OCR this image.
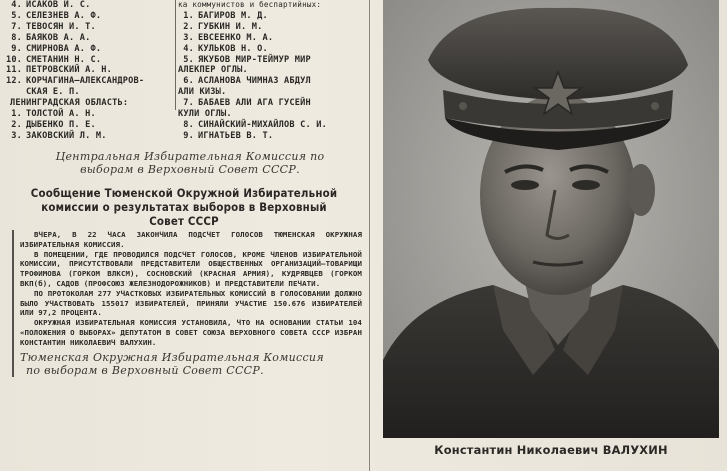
4. ИСАКОВ И. С.
5. СЕЛЕЗНЕВ А. Ф.
7. ТЕВОСЯН И. Т.
8. БАЯКОВ А. А.
9. СМИРНОВА А. Ф.
10. СМЕТАНИН Н. С.
11. ПЕТРОВСКИЙ А. Н.
12. КОРЧАГИНА—АЛЕКСАНДРОВ-
СКАЯ Е. П.
ЛЕНИНГРАДСКАЯ ОБЛАСТЬ:
1. ТОЛСТОЙ А. Н.
2. ДЫБЕНКО П. Е.
3. ЗАКОВСКИЙ Л. М.
ка коммунистов и беспартийных:
1. БАГИРОВ М. Д.
2. ГУБКИН И. М.
3. ЕВСЕЕНКО М. А.
4. КУЛЬКОВ Н. О.
5. ЯКУБОВ МИР-ТЕЙМУР МИР
АЛЕКПЕР ОГЛЫ.
6. АСЛАНОВА ЧИМНАЗ АБДУЛ
АЛИ КИЗЫ.
7. БАБАЕВ АЛИ АГА ГУСЕЙН
КУЛИ ОГЛЫ.
8. СИНАЙСКИЙ-МИХАЙЛОВ С. И.
9. ИГНАТЬЕВ В. Т.
Центральная Избирательная Комиссия по
выборам в Верховный Совет СССР.
Сообщение Тюменской Окружной Избирательной
комиссии о результатах выборов в Верховный
Совет СССР

ВЧЕРА, В 22 ЧАСА ЗАКОНЧИЛА ПОДСЧЕТ ГОЛОСОВ ТЮМЕНСКАЯ ОКРУЖНАЯ ИЗБИРАТЕЛЬНАЯ КОМИССИЯ.

В ПОМЕЩЕНИИ, ГДЕ ПРОВОДИЛСЯ ПОДСЧЕТ ГОЛОСОВ, КРОМЕ ЧЛЕНОВ ИЗБИРАТЕЛЬНОЙ КОМИССИИ, ПРИСУТСТВОВАЛИ ПРЕДСТАВИТЕЛИ ОБЩЕСТВЕННЫХ ОРГАНИЗАЦИЙ—ТОВАРИЩИ ТРОФИМОВА (ГОРКОМ ВЛКСМ), СОСНОВСКИЙ (КРАСНАЯ АРМИЯ), КУДРЯВЦЕВ (ГОРКОМ ВКП(б), САДОВ (ПРОФСОЮЗ ЖЕЛЕЗНОДОРОЖНИКОВ) И ПРЕДСТАВИТЕЛИ ПЕЧАТИ.

ПО ПРОТОКОЛАМ 277 УЧАСТКОВЫХ ИЗБИРАТЕЛЬНЫХ КОМИССИЙ В ГОЛОСОВАНИИ ДОЛЖНО БЫЛО УЧАСТВОВАТЬ 155017 ИЗБИРАТЕЛЕЙ, ПРИНЯЛИ УЧАСТИЕ 150.676 ИЗБИРАТЕЛЕЙ ИЛИ 97,2 ПРОЦЕНТА.

ОКРУЖНАЯ ИЗБИРАТЕЛЬНАЯ КОМИССИЯ УСТАНОВИЛА, ЧТО НА ОСНОВАНИИ СТАТЬИ 104 «ПОЛОЖЕНИЯ О ВЫБОРАХ» ДЕПУТАТОМ В СОВЕТ СОЮЗА ВЕРХОВНОГО СОВЕТА СССР ИЗБРАН КОНСТАНТИН НИКОЛАЕВИЧ ВАЛУХИН.

Тюменская Окружная Избирательная Комиссия
по выборам в Верховный Совет СССР.
Константин Николаевич ВАЛУХИН
